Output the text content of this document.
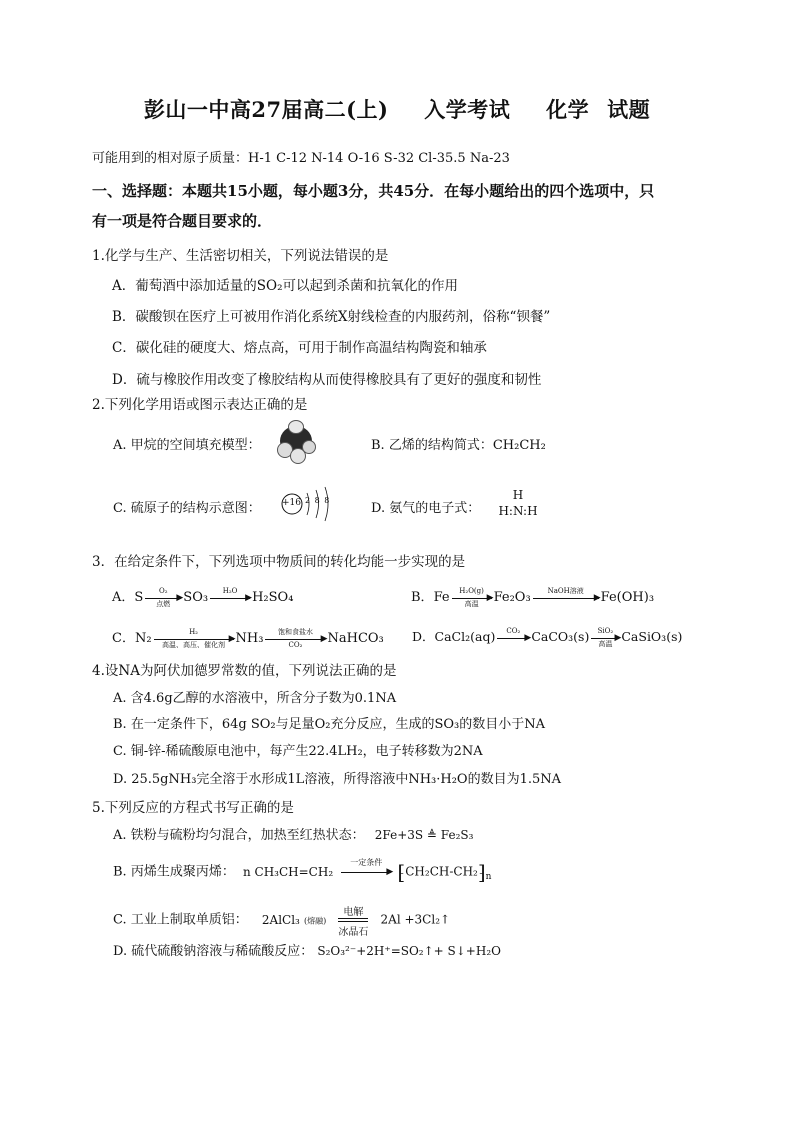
彭山一中高27届高二(上) 入学考试 化学 试题
可能用到的相对原子质量：H-1 C-12 N-14 O-16 S-32 Cl-35.5 Na-23
一、选择题：本题共15小题，每小题3分，共45分．在每小题给出的四个选项中，只
有一项是符合题目要求的．
1.化学与生产、生活密切相关，下列说法错误的是
A．葡萄酒中添加适量的SO₂可以起到杀菌和抗氧化的作用
B．碳酸钡在医疗上可被用作消化系统X射线检查的内服药剂，俗称“钡餐”
C．碳化硅的硬度大、熔点高，可用于制作高温结构陶瓷和轴承
D．硫与橡胶作用改变了橡胶结构从而使得橡胶具有了更好的强度和韧性
2.下列化学用语或图示表达正确的是
A. 甲烷的空间填充模型：	B. 乙烯的结构简式：CH₂CH₂
C. 硫原子的结构示意图： +16 2 8 8
D. 氨气的电子式：
H
H:N:H
3．在给定条件下，下列选项中物质间的转化均能一步实现的是
A．S	O₂
▶
点燃	SO₃	H₂O
▶ H₂SO₄	B．Fe	H₂O(g)
▶
高温	Fe₂O₃	NaOH溶液
▶ Fe(OH)₃
C．N₂	H₂
▶
高温、高压、催化剂 NH₃	饱和食盐水
▶
CO₂	NaHCO₃ D．CaCl₂(aq)	CO₂
▶ CaCO₃(s)	SiO₂
▶
高温 CaSiO₃(s)
4.设NA为阿伏加德罗常数的值，下列说法正确的是
A. 含4.6g乙醇的水溶液中，所含分子数为0.1NA
B. 在一定条件下，64g SO₂与足量O₂充分反应，生成的SO₃的数目小于NA
C. 铜-锌-稀硫酸原电池中，每产生22.4LH₂，电子转移数为2NA
D. 25.5gNH₃完全溶于水形成1L溶液，所得溶液中NH₃·H₂O的数目为1.5NA
5.下列反应的方程式书写正确的是
A. 铁粉与硫粉均匀混合，加热至红热状态： 2Fe+3S ≜ Fe₂S₃
B. 丙烯生成聚丙烯： n CH₃CH=CH₂
一定条件
▶ $⁅CH_2CH-CH_2⁆_n$
C. 工业上制取单质铝： 2AlCl₃ (熔融)
电解
冰晶石
2Al +3Cl₂↑
D. 硫代硫酸钠溶液与稀硫酸反应： S₂O₃²⁻+2H⁺=SO₂↑+ S↓+H₂O
